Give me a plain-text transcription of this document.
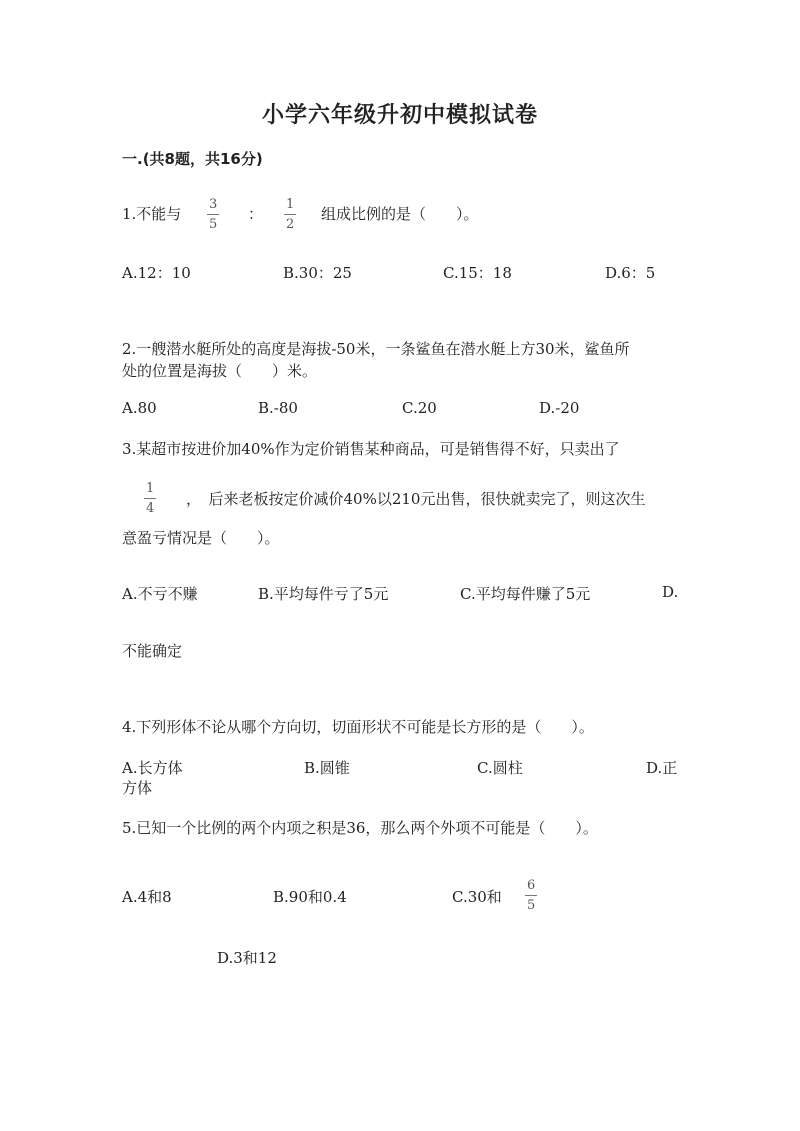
小学六年级升初中模拟试卷
一.(共8题，共16分)
1.不能与
3
5
：
1
2
组成比例的是（　　）。
A.12：10	B.30：25	C.15：18	D.6：5
2.一艘潜水艇所处的高度是海拔-50米，一条鲨鱼在潜水艇上方30米，鲨鱼所
处的位置是海拔（　　）米。
A.80	B.-80	C.20	D.-20
3.某超市按进价加40%作为定价销售某种商品，可是销售得不好，只卖出了
1
4
，　后来老板按定价减价40%以210元出售，很快就卖完了，则这次生
意盈亏情况是（　　）。
A.不亏不赚	B.平均每件亏了5元	C.平均每件赚了5元	D.
不能确定
4.下列形体不论从哪个方向切，切面形状不可能是长方形的是（　　）。
A.长方体	B.圆锥	C.圆柱	D.正
方体
5.已知一个比例的两个内项之积是36，那么两个外项不可能是（　　）。
A.4和8	B.90和0.4	C.30和
6
5
D.3和12
